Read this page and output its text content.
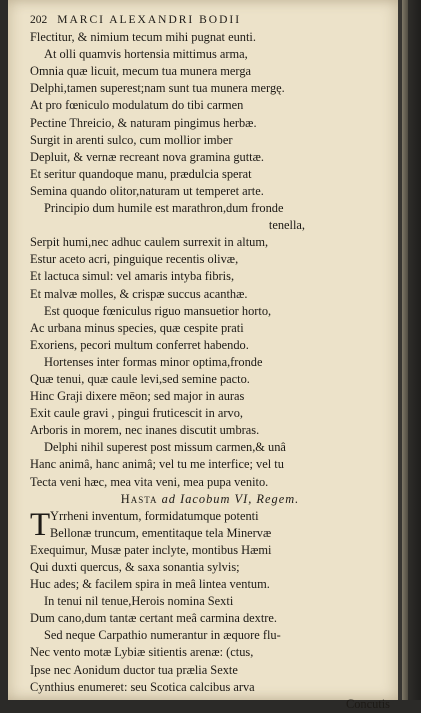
202 MARCI ALEXANDRI BODII
Flectitur, & nimium tecum mihi pugnat eunti.
At olli quamvis hortensia mittimus arma,
Omnia quæ licuit, mecum tua munera merga
Delphi,tamen superest;nam sunt tua munera mergę.
At pro fœniculo modulatum do tibi carmen
Pectine Threicio, & naturam pingimus herbæ.
Surgit in arenti sulco, cum mollior imber
Depluit, & vernæ recreant nova gramina guttæ.
Et seritur quandoque manu, prædulcia sperat
Semina quando olitor,naturam ut temperet arte.
Principio dum humile est marathron,dum fronde
tenella,
Serpit humi,nec adhuc caulem surrexit in altum,
Estur aceto acri, pinguique recentis olivæ,
Et lactuca simul: vel amaris intyba fibris,
Et malvæ molles, & crispæ succus acanthæ.
Est quoque fœniculus riguo mansuetior horto,
Ac urbana minus species, quæ cespite prati
Exoriens, pecori multum conferret habendo.
Hortenses inter formas minor optima,fronde
Quæ tenui, quæ caule levi,sed semine pacto.
Hinc Graji dixere mēon; sed major in auras
Exit caule gravi , pingui fruticescit in arvo,
Arboris in morem, nec inanes discutit umbras.
Delphi nihil superest post missum carmen,& unâ
Hanc animâ, hanc animâ; vel tu me interfice; vel tu
Tecta veni hæc, mea vita veni, mea pupa venito.
Hasta ad Iacobum VI, Regem.
T Yrrheni inventum, formidatumque potenti
Bellonæ truncum, ementitaque tela Minervæ
Exequimur, Musæ pater inclyte, montibus Hæmi
Qui duxti quercus, & saxa sonantia sylvis;
Huc ades; & facilem spira in meâ lintea ventum.
In tenui nil tenue,Herois nomina Sexti
Dum cano,dum tantæ certant meâ carmina dextre.
Sed neque Carpathio numerantur in æquore flu-
Nec vento motæ Lybiæ sitientis arenæ: (ctus,
Ipse nec Aonidum ductor tua prælia Sexte
Cynthius enumeret: seu Scotica calcibus arva
Concutis
